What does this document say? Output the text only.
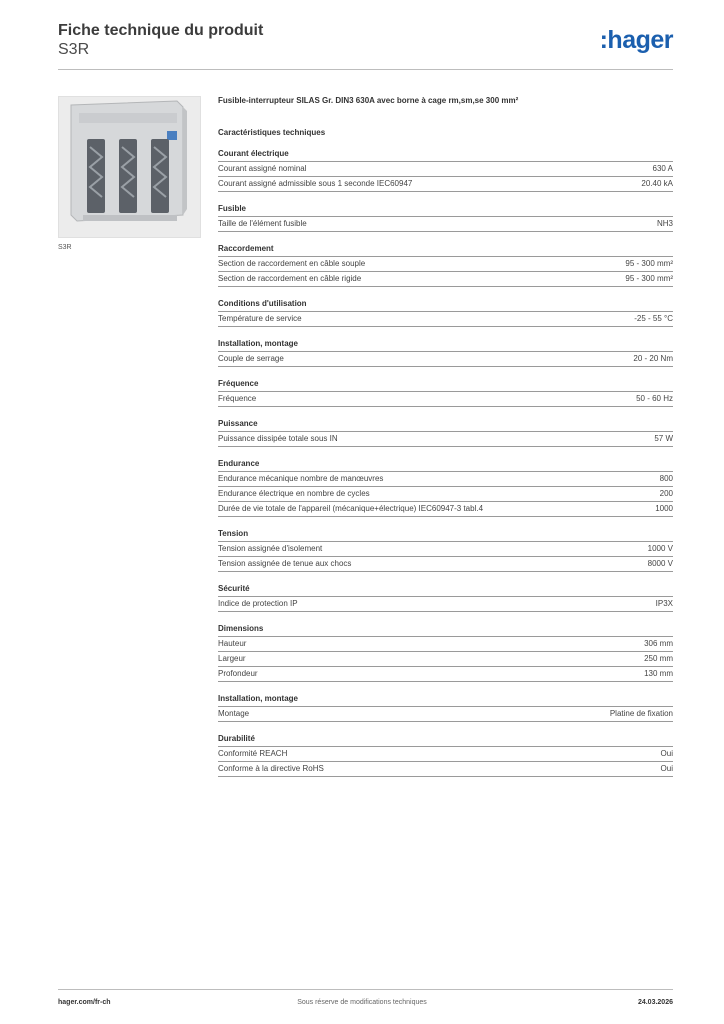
Fiche technique du produit
S3R	:hager
S3R
Fusible-interrupteur SILAS Gr. DIN3 630A avec borne à cage rm,sm,se 300 mm²
Caractéristiques techniques
Courant électrique
Courant assigné nominal	630 A
Courant assigné admissible sous 1 seconde IEC60947	20.40 kA
Fusible
Taille de l'élément fusible	NH3
Raccordement
Section de raccordement en câble souple	95 - 300 mm²
Section de raccordement en câble rigide	95 - 300 mm²
Conditions d'utilisation
Température de service	-25 - 55 °C
Installation, montage
Couple de serrage	20 - 20 Nm
Fréquence
Fréquence	50 - 60 Hz
Puissance
Puissance dissipée totale sous IN	57 W
Endurance
Endurance mécanique nombre de manœuvres	800
Endurance électrique en nombre de cycles	200
Durée de vie totale de l'appareil (mécanique+électrique) IEC60947-3 tabl.4	1000
Tension
Tension assignée d'isolement	1000 V
Tension assignée de tenue aux chocs	8000 V
Sécurité
Indice de protection IP	IP3X
Dimensions
Hauteur	306 mm
Largeur	250 mm
Profondeur	130 mm
Installation, montage
Montage	Platine de fixation
Durabilité
Conformité REACH	Oui
Conforme à la directive RoHS	Oui
hager.com/fr-ch	Sous réserve de modifications techniques	24.03.2026
